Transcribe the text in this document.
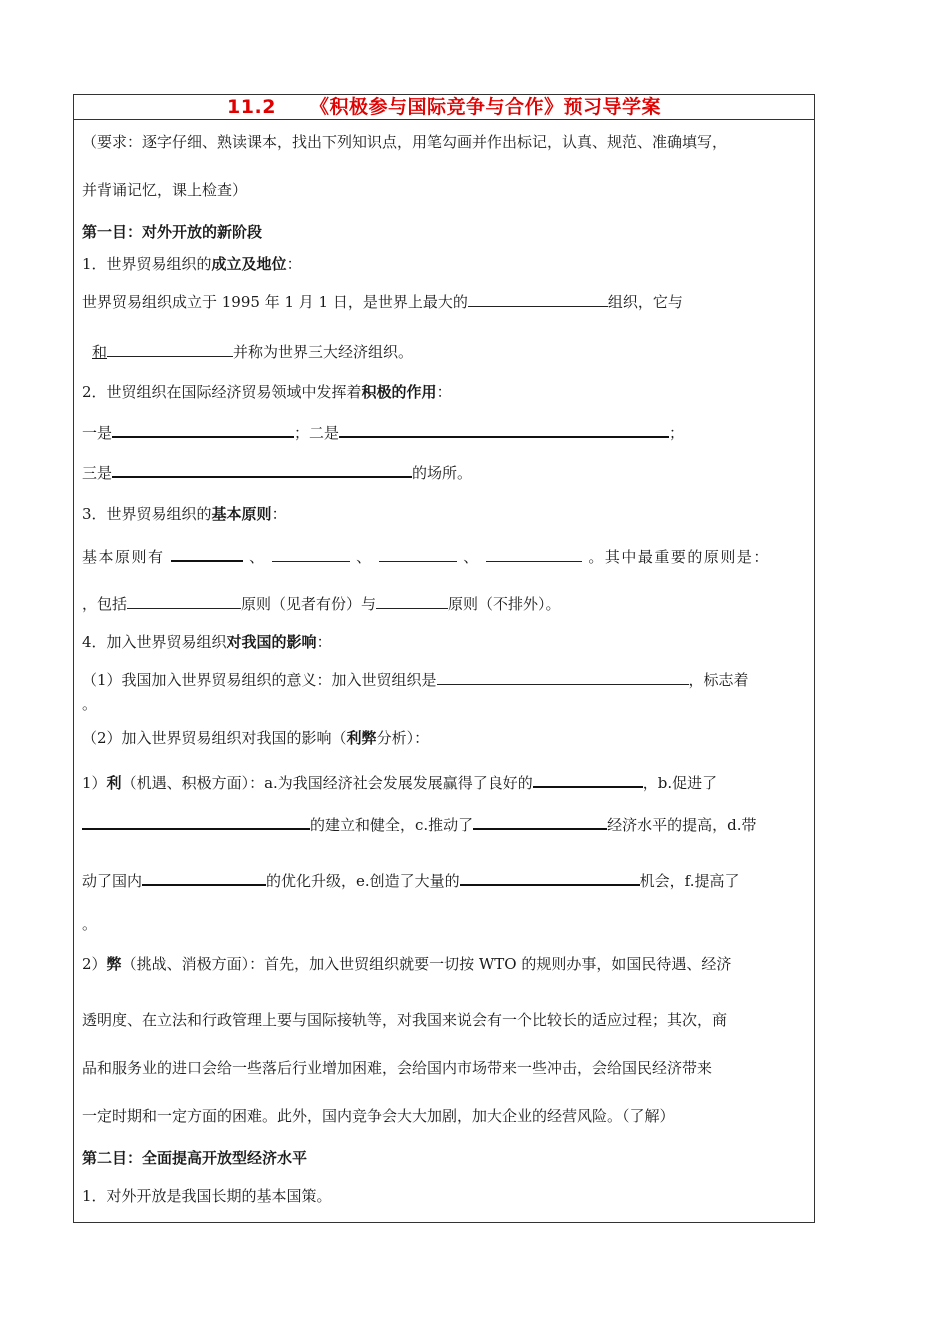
11.2 《积极参与国际竞争与合作》预习导学案
（要求：逐字仔细、熟读课本，找出下列知识点，用笔勾画并作出标记，认真、规范、准确填写，
并背诵记忆，课上检查）
第一目：对外开放的新阶段
1．世界贸易组织的成立及地位：
世界贸易组织成立于 1995 年 1 月 1 日，是世界上最大的	组织，它与
和	并称为世界三大经济组织。
2．世贸组织在国际经济贸易领域中发挥着积极的作用：
一是	；二是	；
三是	的场所。
3．世界贸易组织的基本原则：
基本原则有	、	、	、	。其中最重要的原则是：
，包括	原则（见者有份）与	原则（不排外）。
4．加入世界贸易组织对我国的影响：
（1）我国加入世界贸易组织的意义：加入世贸组织是	，标志着
。
（2）加入世界贸易组织对我国的影响（利弊分析）：
1）利（机遇、积极方面）：a.为我国经济社会发展发展赢得了良好的	，b.促进了
的建立和健全，c.推动了	经济水平的提高，d.带
动了国内	的优化升级，e.创造了大量的	机会，f.提高了
。
2）弊（挑战、消极方面）：首先，加入世贸组织就要一切按 WTO 的规则办事，如国民待遇、经济
透明度、在立法和行政管理上要与国际接轨等，对我国来说会有一个比较长的适应过程；其次，商
品和服务业的进口会给一些落后行业增加困难，会给国内市场带来一些冲击，会给国民经济带来
一定时期和一定方面的困难。此外，国内竞争会大大加剧，加大企业的经营风险。（了解）
第二目：全面提高开放型经济水平
1．对外开放是我国长期的基本国策。
